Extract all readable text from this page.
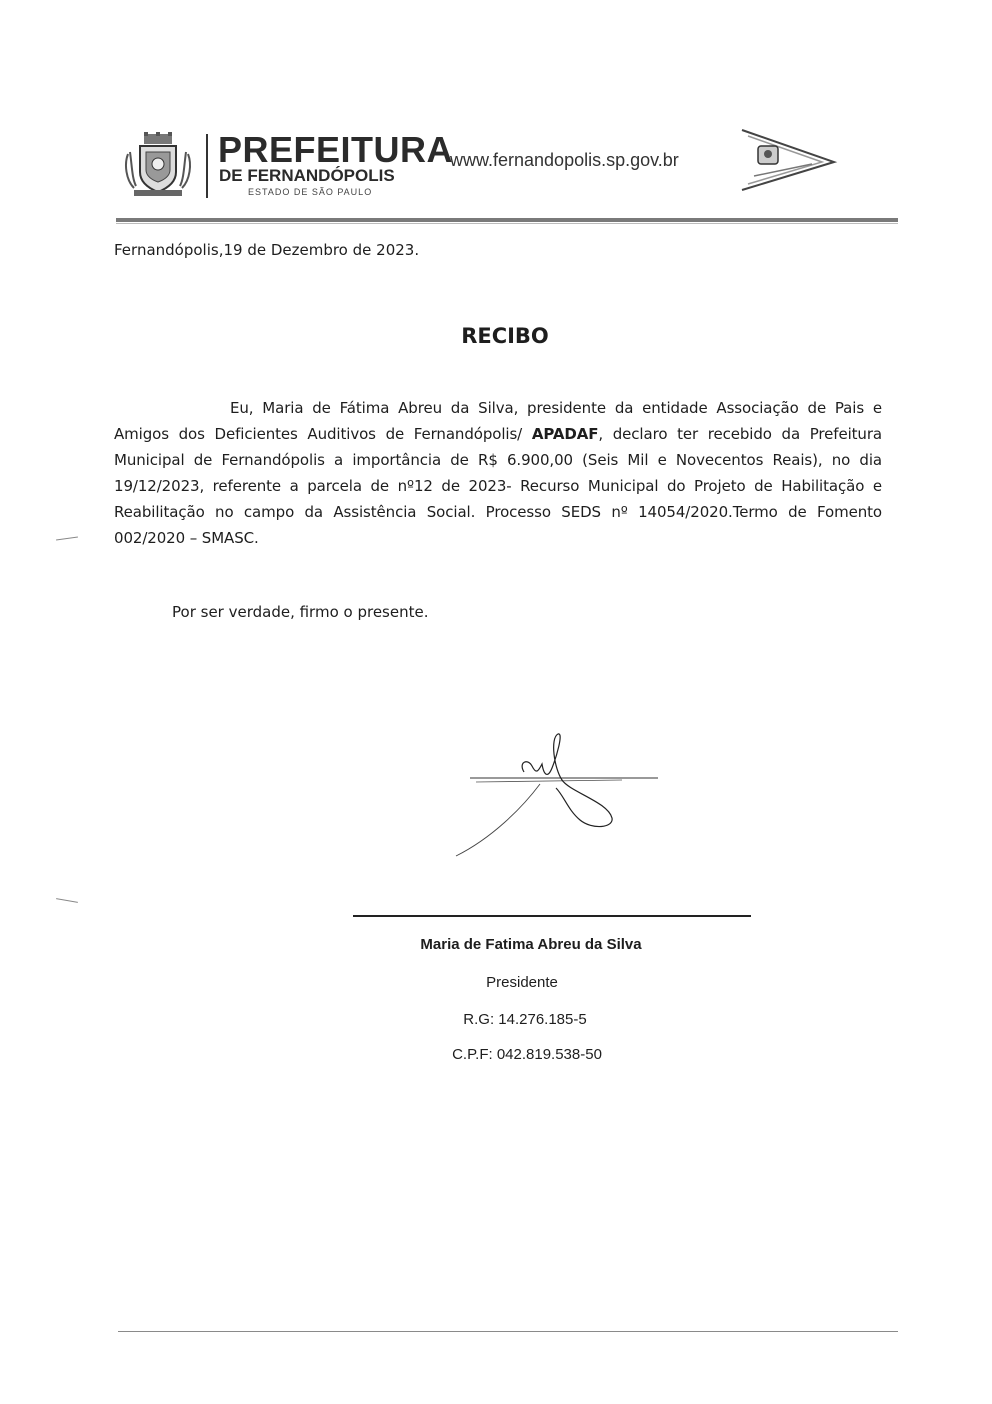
PREFEITURA
DE FERNANDÓPOLIS
ESTADO DE SÃO PAULO
www.fernandopolis.sp.gov.br
Fernandópolis,19 de Dezembro de 2023.
RECIBO

Eu, Maria de Fátima Abreu da Silva, presidente da entidade Associação de Pais e Amigos dos Deficientes Auditivos de Fernandópolis/ APADAF, declaro ter recebido da Prefeitura Municipal de Fernandópolis a importância de R$ 6.900,00 (Seis Mil e Novecentos Reais), no dia 19/12/2023, referente a parcela de nº12 de 2023- Recurso Municipal do Projeto de Habilitação e Reabilitação no campo da Assistência Social. Processo SEDS nº 14054/2020.Termo de Fomento 002/2020 – SMASC.

Por ser verdade, firmo o presente.
Maria de Fatima Abreu da Silva
Presidente
R.G: 14.276.185-5
C.P.F: 042.819.538-50
